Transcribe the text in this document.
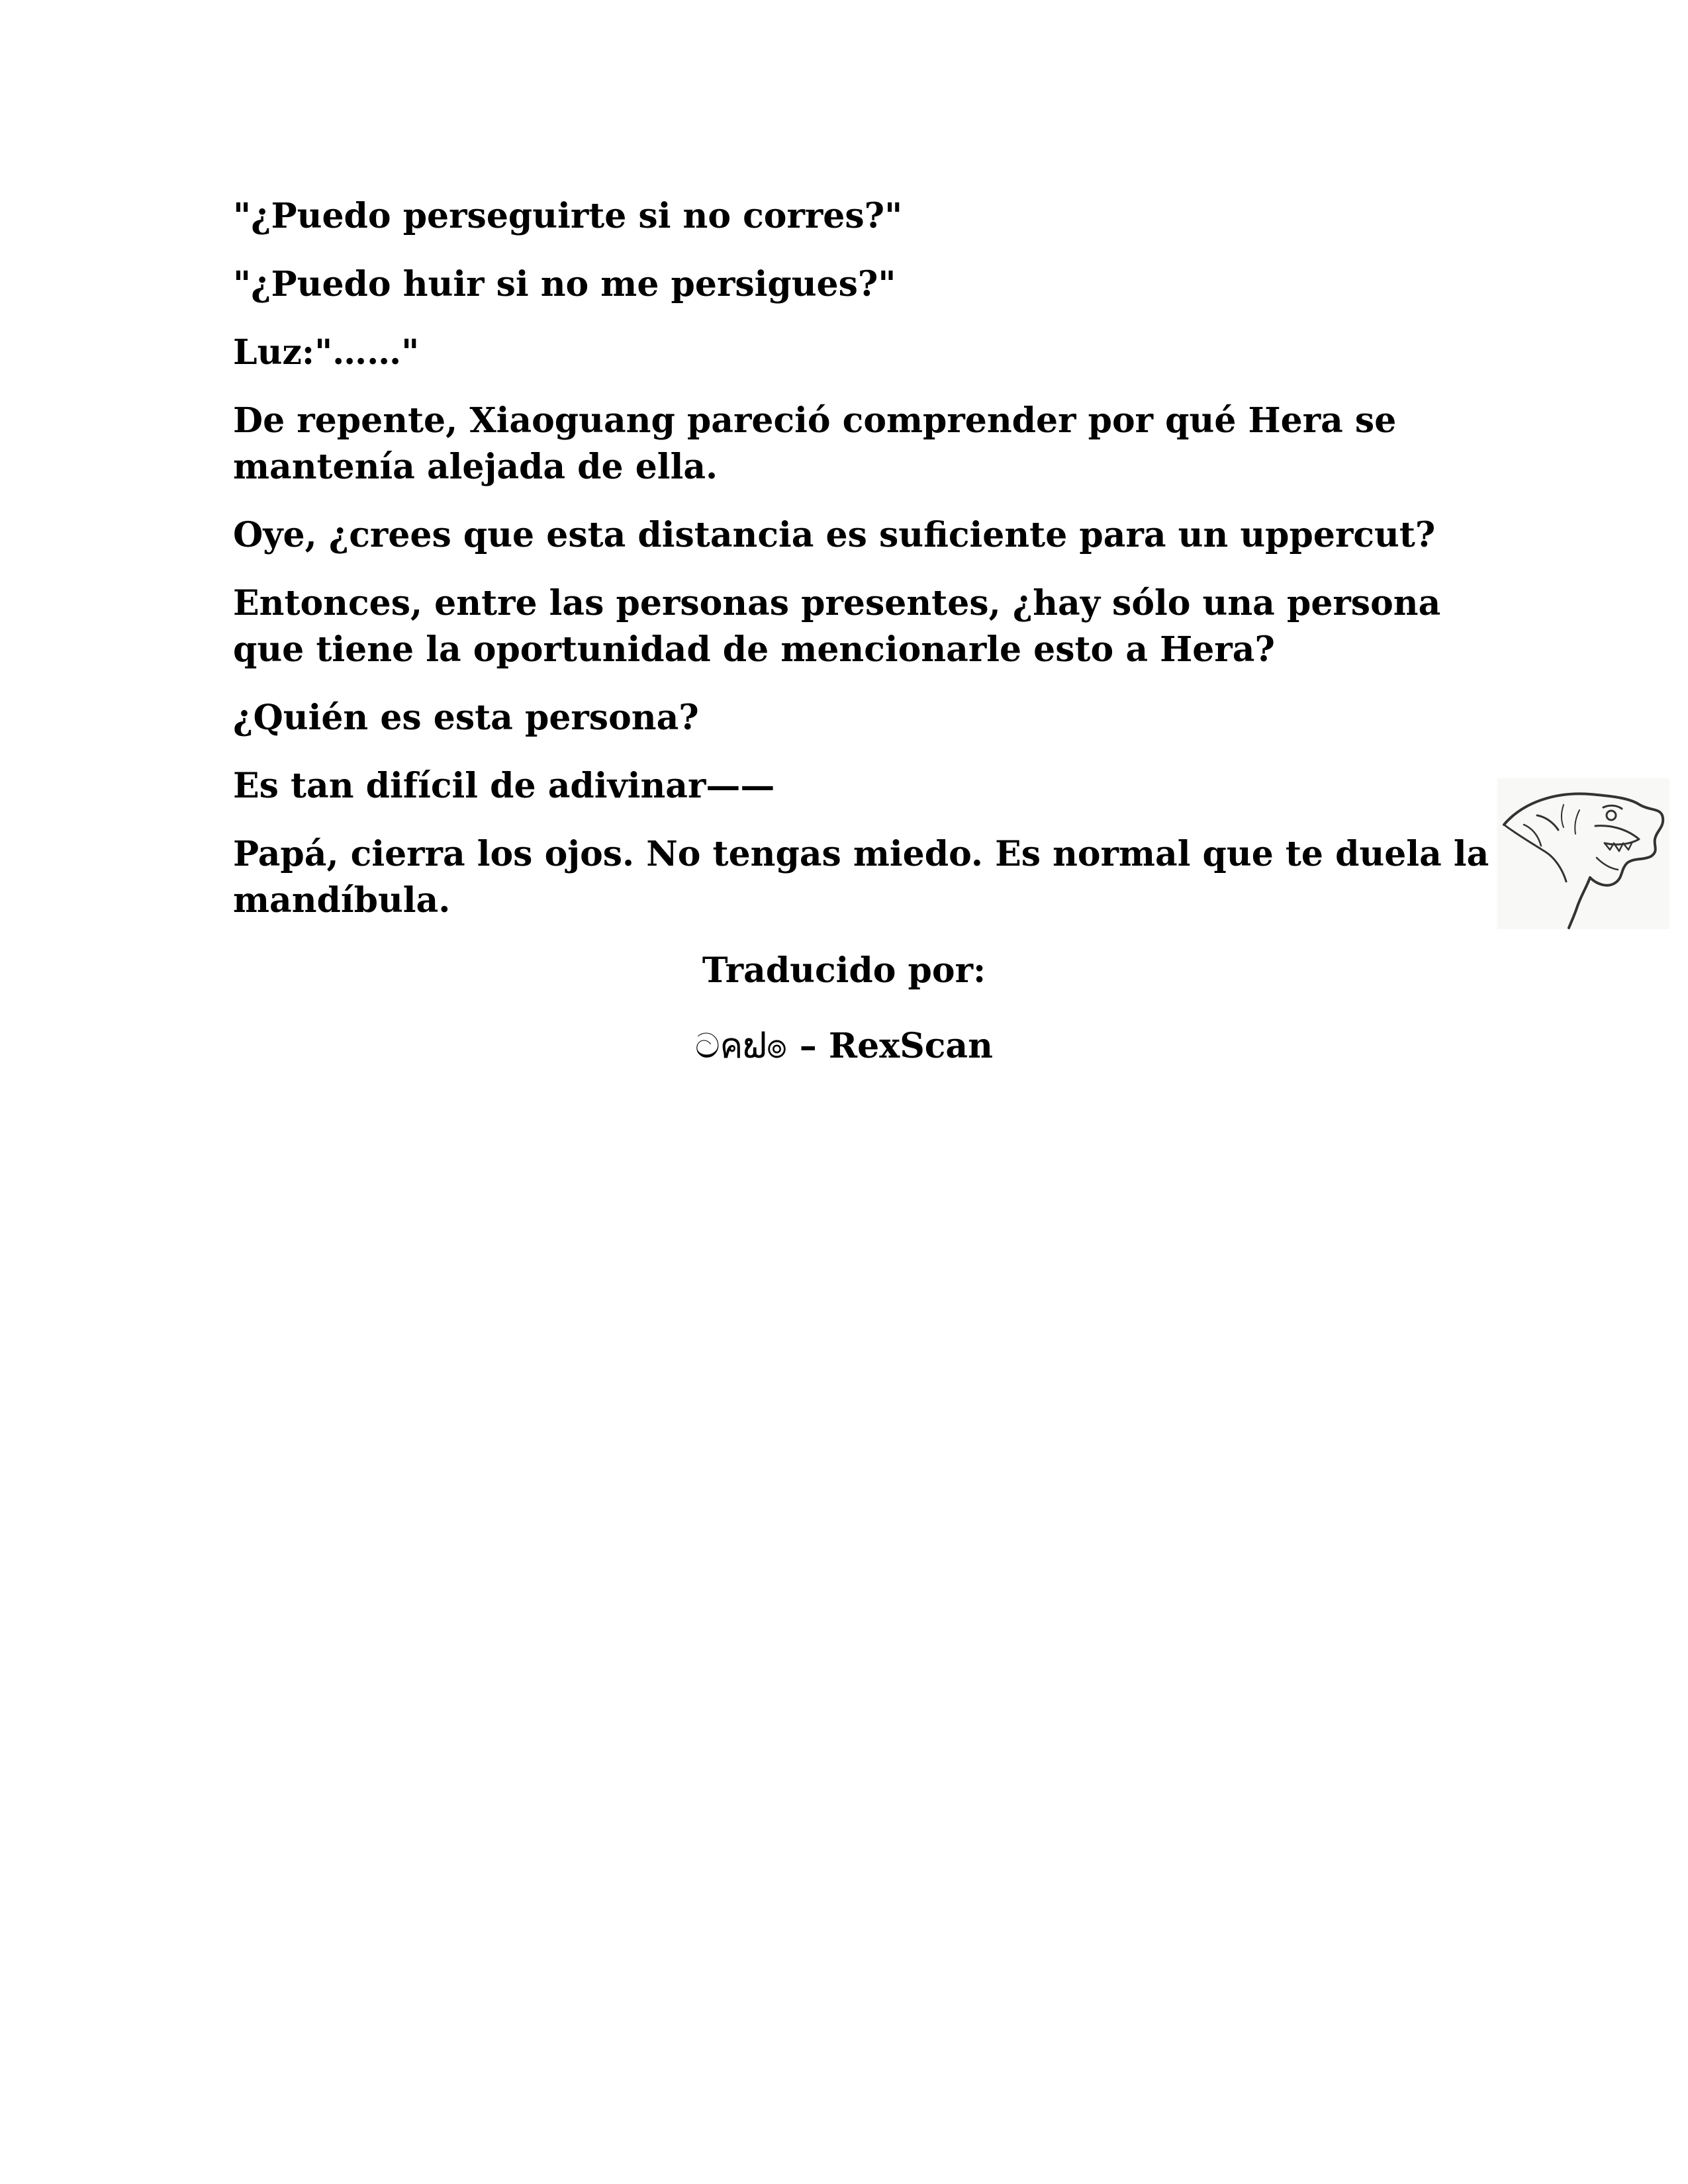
"¿Puedo perseguirte si no corres?"

"¿Puedo huir si no me persigues?"

Luz:"……"

De repente, Xiaoguang pareció comprender por qué Hera se mantenía alejada de ella.

Oye, ¿crees que esta distancia es suficiente para un uppercut?

Entonces, entre las personas presentes, ¿hay sólo una persona que tiene la oportunidad de mencionarle esto a Hera?

¿Quién es esta persona?

Es tan difícil de adivinar——

Papá, cierra los ojos. No tengas miedo. Es normal que te duela la mandíbula.

Traducido por:

ටคຟ๏ – RexScan
